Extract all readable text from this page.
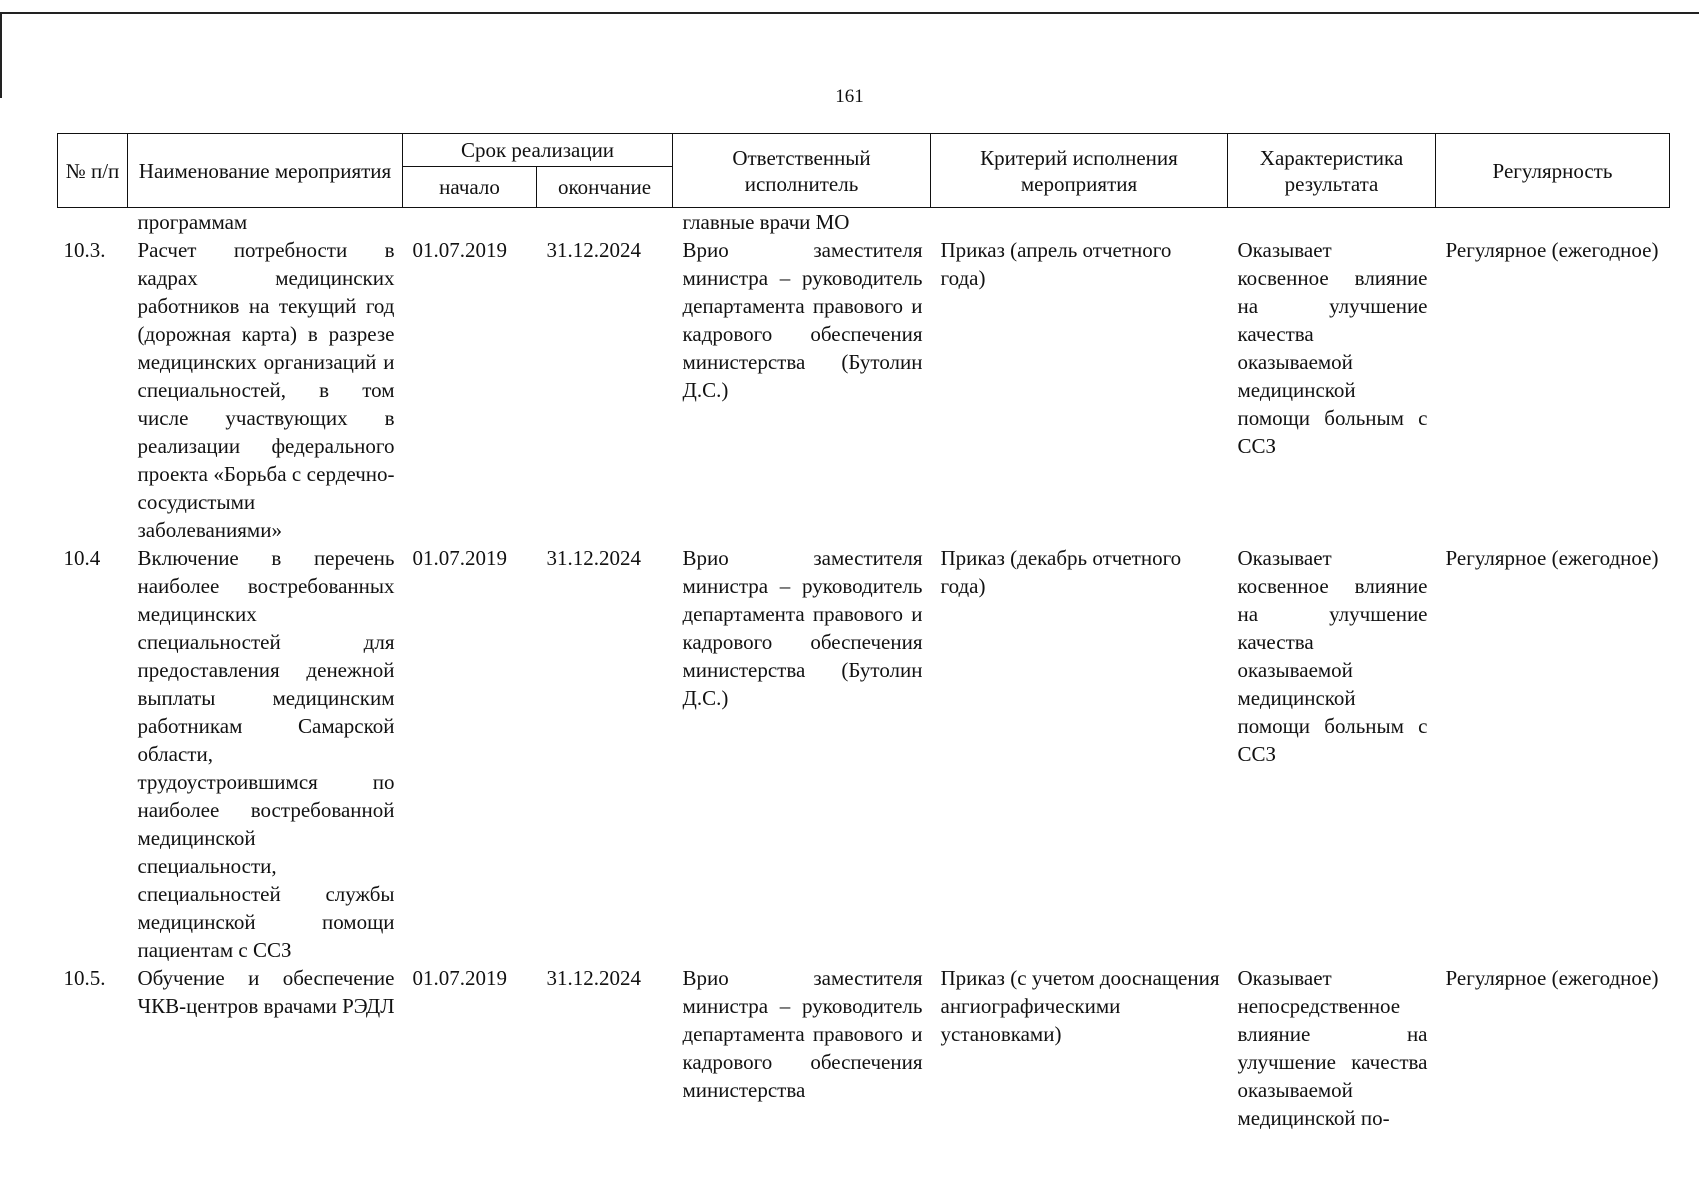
161
№ п/п	Наименование мероприятия	Срок реализации		Ответственный исполнитель	Критерий исполнения мероприятия	Характеристика результата	Регулярность
		начало	окончание				
	программам			главные врачи МО			
10.3.	Расчет потребности в кадрах медицинских работников на текущий год (дорожная карта) в разрезе медицинских организаций и специальностей, в том числе участвующих в реализации федерального проекта «Борьба с сердечно-сосудистыми заболеваниями»	01.07.2019	31.12.2024	Врио заместителя министра – руководитель департамента правового и кадрового обеспечения министерства (Бутолин Д.С.)	Приказ (апрель отчетного года)	Оказывает косвенное влияние на улучшение качества оказываемой медицинской помощи больным с ССЗ	Регулярное (ежегодное)
10.4	Включение в перечень наиболее востребованных медицинских специальностей для предоставления денежной выплаты медицинским работникам Самарской области, трудоустроившимся по наиболее востребованной медицинской специальности, специальностей службы медицинской помощи пациентам с ССЗ	01.07.2019	31.12.2024	Врио заместителя министра – руководитель департамента правового и кадрового обеспечения министерства (Бутолин Д.С.)	Приказ (декабрь отчетного года)	Оказывает косвенное влияние на улучшение качества оказываемой медицинской помощи больным с ССЗ	Регулярное (ежегодное)
10.5.	Обучение и обеспечение ЧКВ-центров врачами РЭДЛ	01.07.2019	31.12.2024	Врио заместителя министра – руководитель департамента правового и кадрового обеспечения министерства	Приказ (с учетом дооснащения ангиографическими установками)	Оказывает непосредственное влияние на улучшение качества оказываемой медицинской по-	Регулярное (ежегодное)
